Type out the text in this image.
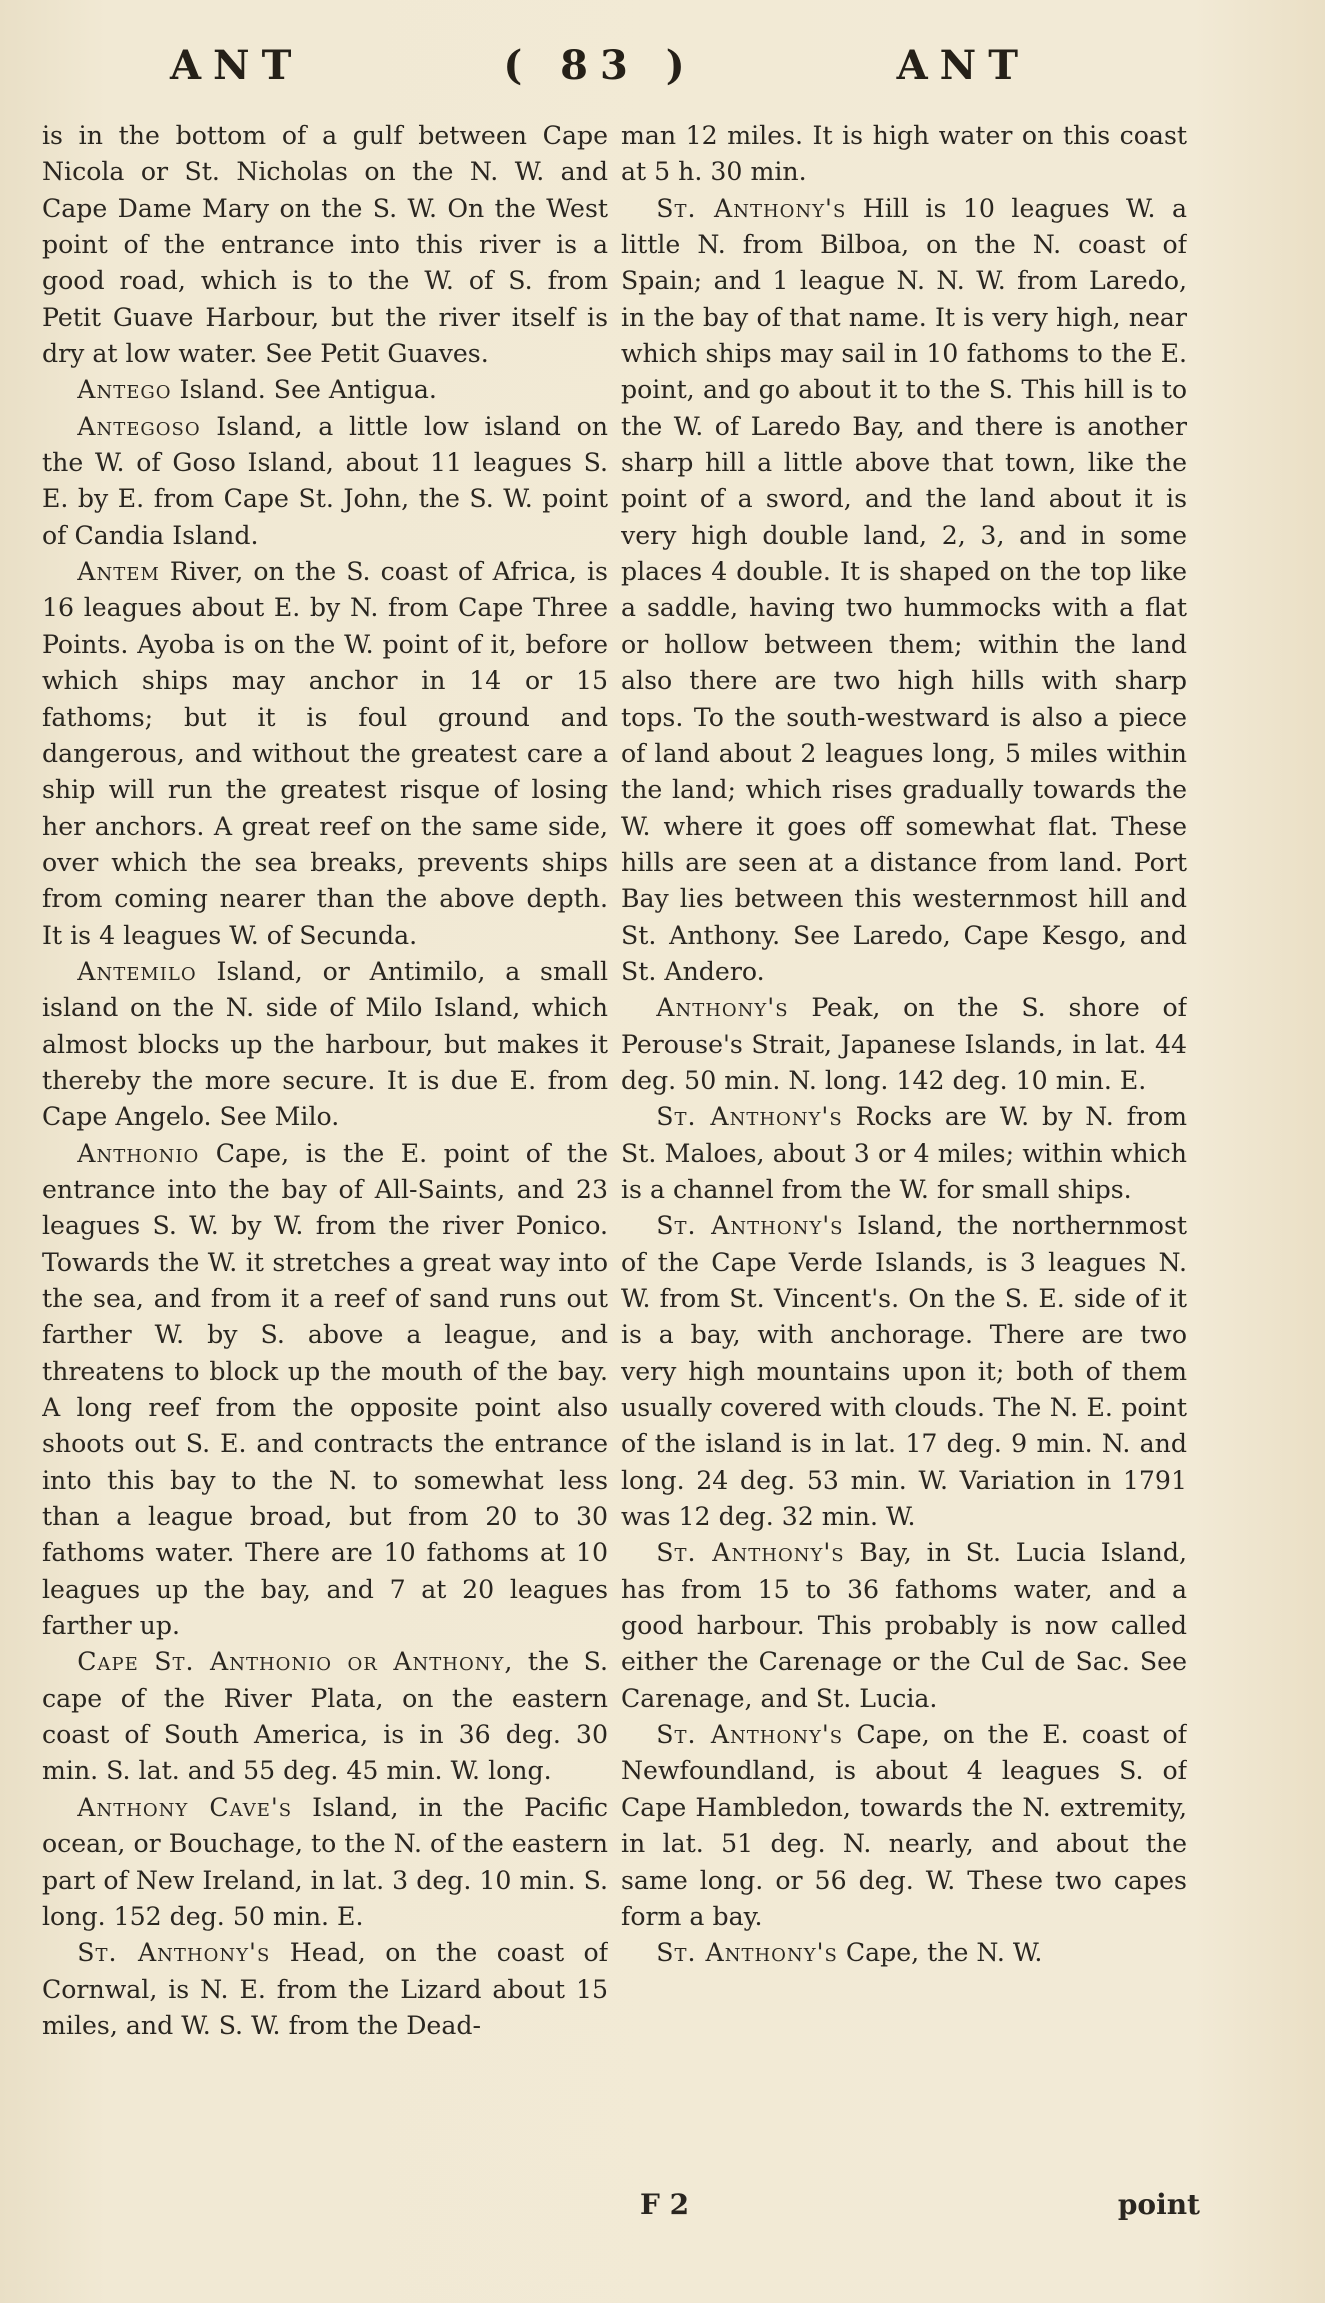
ANT	( 83 )	ANT

is in the bottom of a gulf between Cape Nicola or St. Nicholas on the N. W. and Cape Dame Mary on the S. W. On the West point of the entrance into this river is a good road, which is to the W. of S. from Petit Guave Harbour, but the river itself is dry at low water. See Petit Guaves.

Antego Island. See Antigua.

Antegoso Island, a little low island on the W. of Goso Island, about 11 leagues S. E. by E. from Cape St. John, the S. W. point of Candia Island.

Antem River, on the S. coast of Africa, is 16 leagues about E. by N. from Cape Three Points. Ayoba is on the W. point of it, before which ships may anchor in 14 or 15 fathoms; but it is foul ground and dangerous, and without the greatest care a ship will run the greatest risque of losing her anchors. A great reef on the same side, over which the sea breaks, prevents ships from coming nearer than the above depth. It is 4 leagues W. of Secunda.

Antemilo Island, or Antimilo, a small island on the N. side of Milo Island, which almost blocks up the harbour, but makes it thereby the more secure. It is due E. from Cape Angelo. See Milo.

Anthonio Cape, is the E. point of the entrance into the bay of All-Saints, and 23 leagues S. W. by W. from the river Ponico. Towards the W. it stretches a great way into the sea, and from it a reef of sand runs out farther W. by S. above a league, and threatens to block up the mouth of the bay. A long reef from the opposite point also shoots out S. E. and contracts the entrance into this bay to the N. to somewhat less than a league broad, but from 20 to 30 fathoms water. There are 10 fathoms at 10 leagues up the bay, and 7 at 20 leagues farther up.

Cape St. Anthonio or Anthony, the S. cape of the River Plata, on the eastern coast of South America, is in 36 deg. 30 min. S. lat. and 55 deg. 45 min. W. long.

Anthony Cave's Island, in the Pacific ocean, or Bouchage, to the N. of the eastern part of New Ireland, in lat. 3 deg. 10 min. S. long. 152 deg. 50 min. E.

St. Anthony's Head, on the coast of Cornwal, is N. E. from the Lizard about 15 miles, and W. S. W. from the Dead-

man 12 miles. It is high water on this coast at 5 h. 30 min.

St. Anthony's Hill is 10 leagues W. a little N. from Bilboa, on the N. coast of Spain; and 1 league N. N. W. from Laredo, in the bay of that name. It is very high, near which ships may sail in 10 fathoms to the E. point, and go about it to the S. This hill is to the W. of Laredo Bay, and there is another sharp hill a little above that town, like the point of a sword, and the land about it is very high double land, 2, 3, and in some places 4 double. It is shaped on the top like a saddle, having two hummocks with a flat or hollow between them; within the land also there are two high hills with sharp tops. To the south-westward is also a piece of land about 2 leagues long, 5 miles within the land; which rises gradually towards the W. where it goes off somewhat flat. These hills are seen at a distance from land. Port Bay lies between this westernmost hill and St. Anthony. See Laredo, Cape Kesgo, and St. Andero.

Anthony's Peak, on the S. shore of Perouse's Strait, Japanese Islands, in lat. 44 deg. 50 min. N. long. 142 deg. 10 min. E.

St. Anthony's Rocks are W. by N. from St. Maloes, about 3 or 4 miles; within which is a channel from the W. for small ships.

St. Anthony's Island, the northernmost of the Cape Verde Islands, is 3 leagues N. W. from St. Vincent's. On the S. E. side of it is a bay, with anchorage. There are two very high mountains upon it; both of them usually covered with clouds. The N. E. point of the island is in lat. 17 deg. 9 min. N. and long. 24 deg. 53 min. W. Variation in 1791 was 12 deg. 32 min. W.

St. Anthony's Bay, in St. Lucia Island, has from 15 to 36 fathoms water, and a good harbour. This probably is now called either the Carenage or the Cul de Sac. See Carenage, and St. Lucia.

St. Anthony's Cape, on the E. coast of Newfoundland, is about 4 leagues S. of Cape Hambledon, towards the N. extremity, in lat. 51 deg. N. nearly, and about the same long. or 56 deg. W. These two capes form a bay.

St. Anthony's Cape, the N. W.

F 2	point
